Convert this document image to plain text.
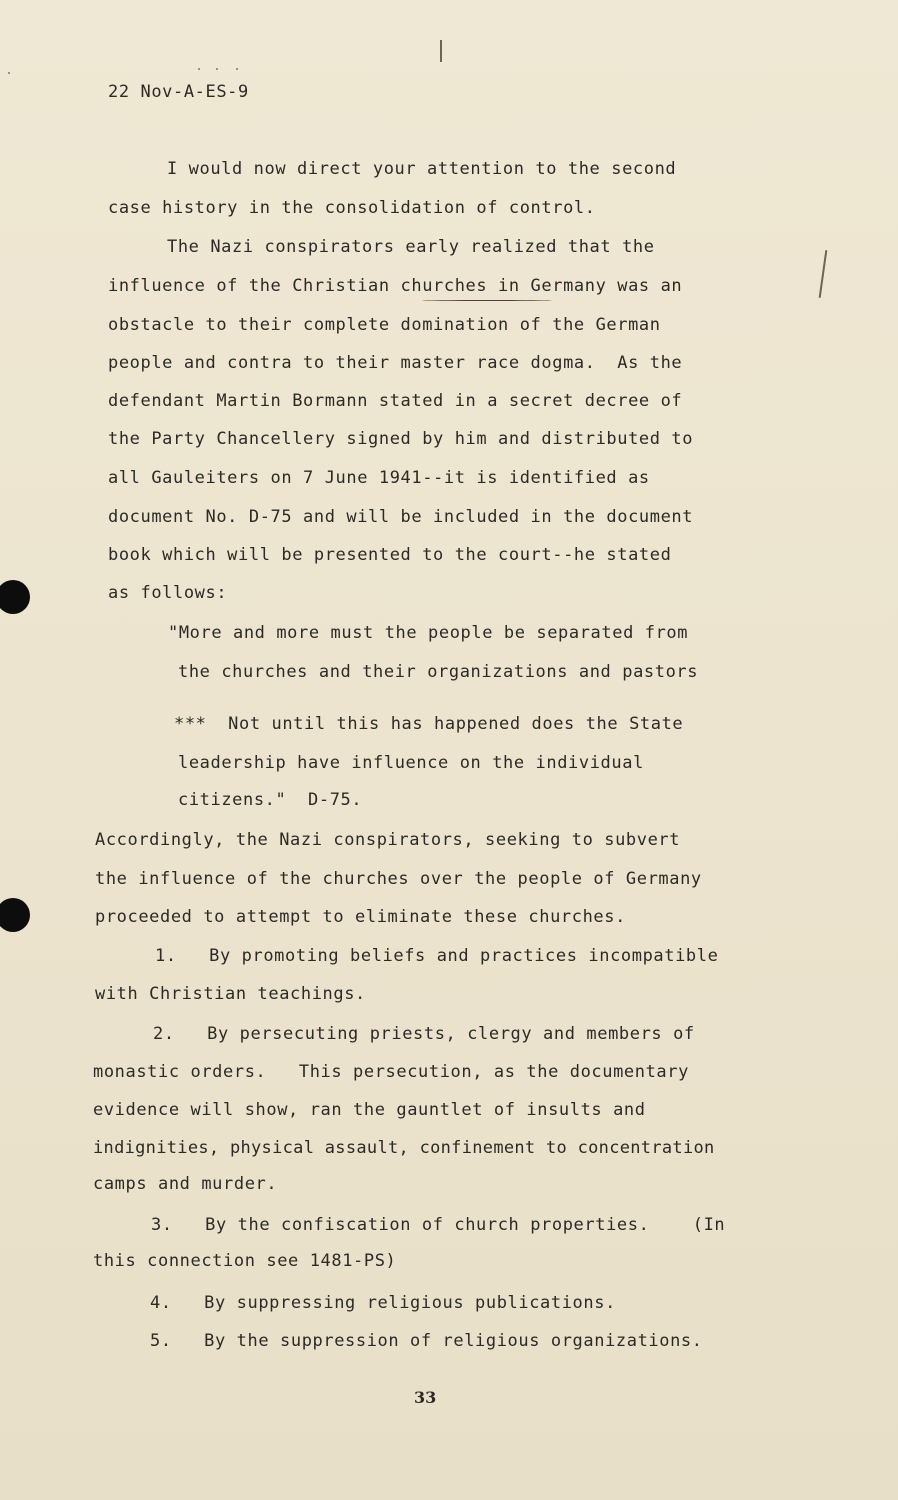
22 Nov-A-ES-9
I would now direct your attention to the second
case history in the consolidation of control.
The Nazi conspirators early realized that the
influence of the Christian churches in Germany was an
obstacle to their complete domination of the German
people and contra to their master race dogma.  As the
defendant Martin Bormann stated in a secret decree of
the Party Chancellery signed by him and distributed to
all Gauleiters on 7 June 1941--it is identified as
document No. D-75 and will be included in the document
book which will be presented to the court--he stated
as follows:
"More and more must the people be separated from
the churches and their organizations and pastors
***  Not until this has happened does the State
leadership have influence on the individual
citizens."  D-75.
Accordingly, the Nazi conspirators, seeking to subvert
the influence of the churches over the people of Germany
proceeded to attempt to eliminate these churches.
1.   By promoting beliefs and practices incompatible
with Christian teachings.
2.   By persecuting priests, clergy and members of
monastic orders.   This persecution, as the documentary
evidence will show, ran the gauntlet of insults and
indignities, physical assault, confinement to concentration
camps and murder.
3.   By the confiscation of church properties.    (In
this connection see 1481-PS)
4.   By suppressing religious publications.
5.   By the suppression of religious organizations.
33
